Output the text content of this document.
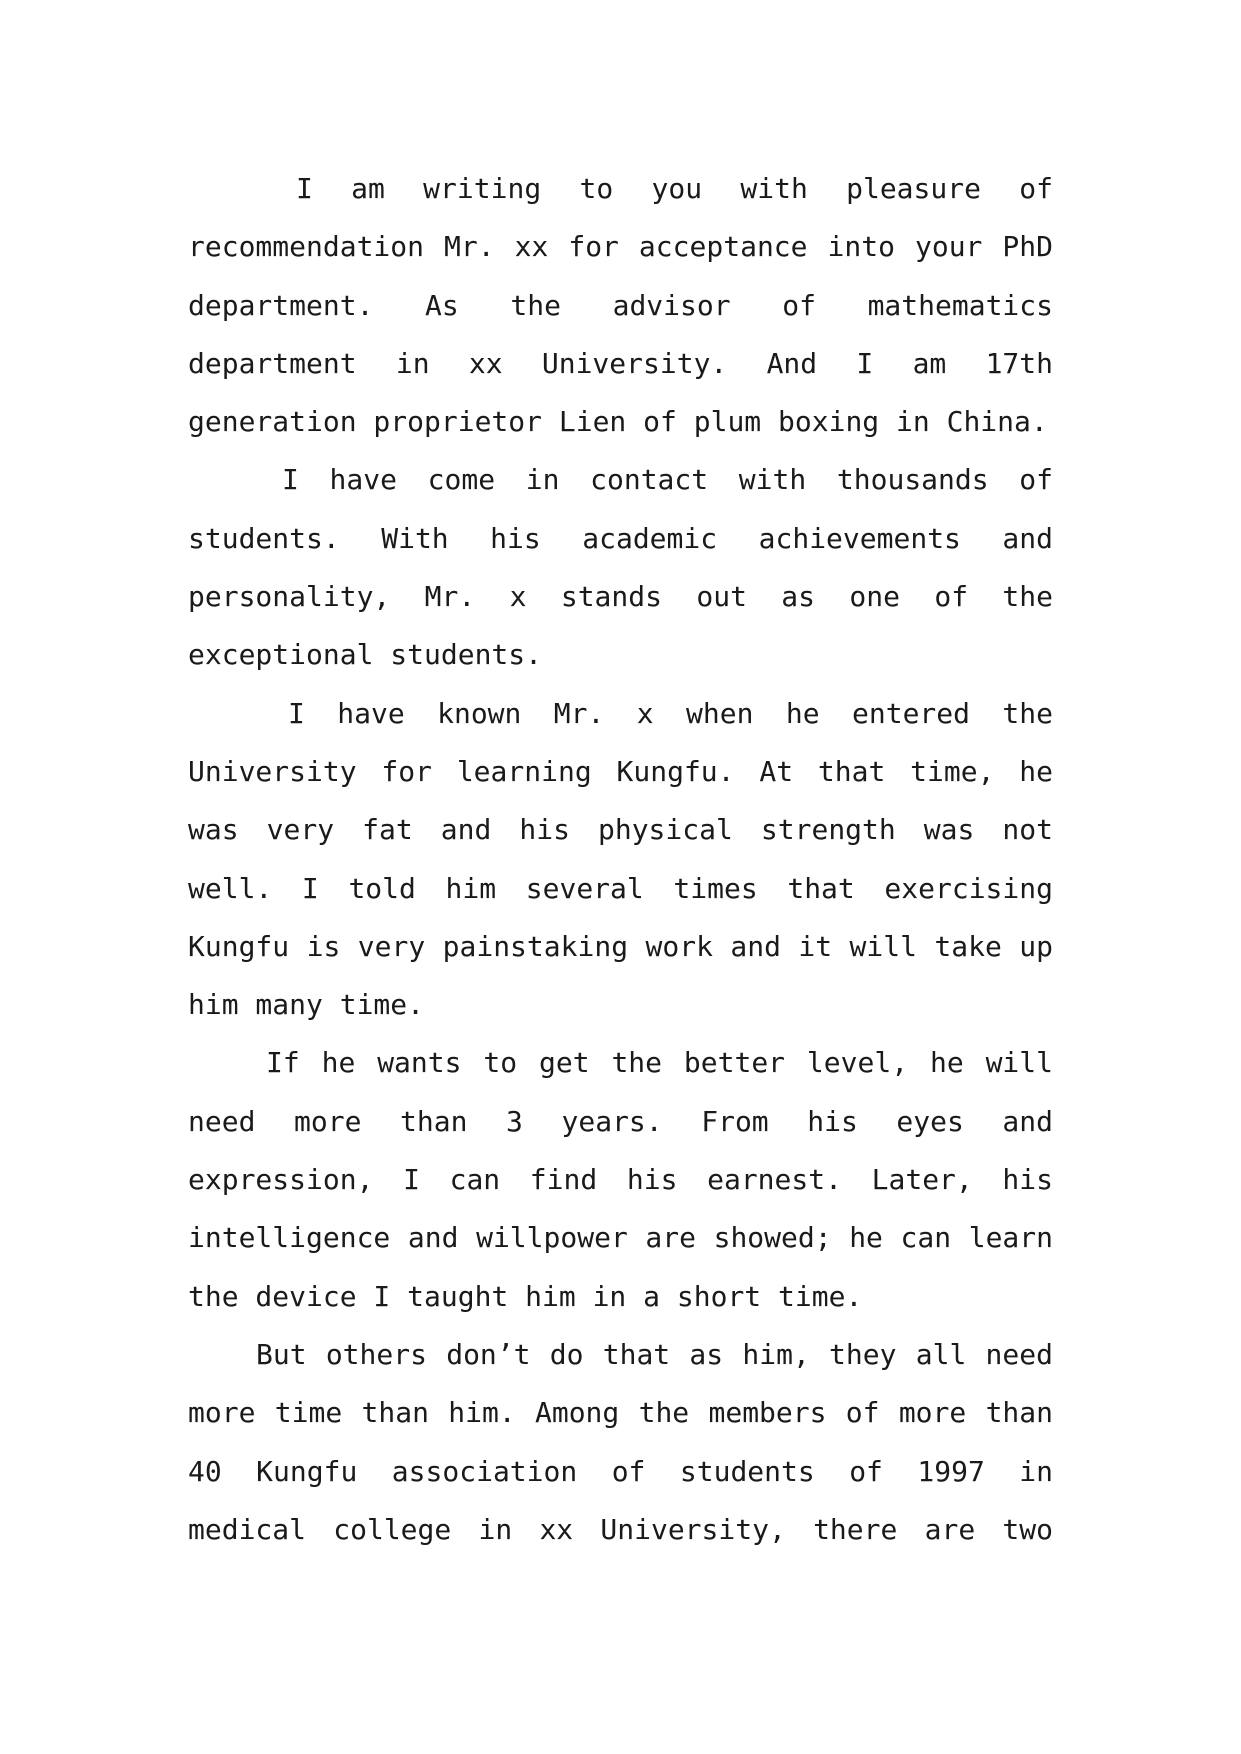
I am writing to you with pleasure of recommendation Mr. xx for acceptance into your PhD department. As the advisor of mathematics department in xx University. And I am 17th generation proprietor Lien of plum boxing in China.

I have come in contact with thousands of students. With his academic achievements and personality, Mr. x stands out as one of the exceptional students.

I have known Mr. x when he entered the University for learning Kungfu. At that time, he was very fat and his physical strength was not well. I told him several times that exercising Kungfu is very painstaking work and it will take up him many time.

If he wants to get the better level, he will need more than 3 years. From his eyes and expression, I can find his earnest. Later, his intelligence and willpower are showed; he can learn the device I taught him in a short time.

But others don’t do that as him, they all need more time than him. Among the members of more than 40 Kungfu association of students of 1997 in medical college in xx University, there are two
